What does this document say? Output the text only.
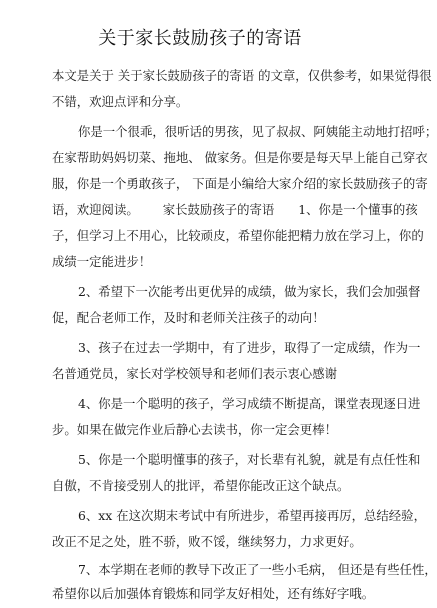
关于家长鼓励孩子的寄语
本文是关于 关于家长鼓励孩子的寄语 的文章，仅供参考，如果觉得很
不错，欢迎点评和分享。
你是一个很乖，很听话的男孩，见了叔叔、阿姨能主动地打招呼；
在家帮助妈妈切菜、拖地、 做家务。但是你要是每天早上能自己穿衣
服，你是一个勇敢孩子， 下面是小编给大家介绍的家长鼓励孩子的寄
语，欢迎阅读。 家长鼓励孩子的寄语 1、你是一个懂事的孩
子，但学习上不用心，比较顽皮，希望你能把精力放在学习上，你的
成绩一定能进步！
2、希望下一次能考出更优异的成绩，做为家长，我们会加强督
促，配合老师工作，及时和老师关注孩子的动向！
3、孩子在过去一学期中，有了进步，取得了一定成绩，作为一
名普通党员，家长对学校领导和老师们表示衷心感谢
4、你是一个聪明的孩子，学习成绩不断提高，课堂表现逐日进
步。如果在做完作业后静心去读书，你一定会更棒！
5、你是一个聪明懂事的孩子，对长辈有礼貌，就是有点任性和
自傲，不肯接受别人的批评，希望你能改正这个缺点。
6、xx 在这次期末考试中有所进步，希望再接再厉，总结经验，
改正不足之处，胜不骄，败不馁，继续努力，力求更好。
7、本学期在老师的教导下改正了一些小毛病， 但还是有些任性，
希望你以后加强体育锻炼和同学友好相处，还有练好字哦。
